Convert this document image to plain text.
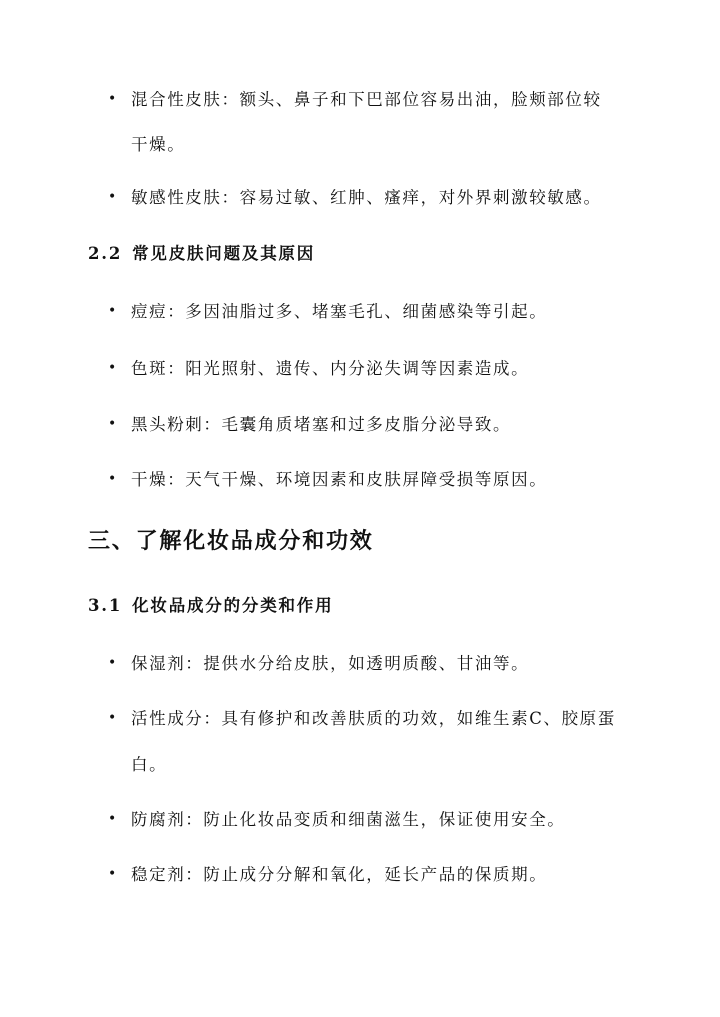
• 混合性皮肤：额头、鼻子和下巴部位容易出油，脸颊部位较
干燥。
• 敏感性皮肤：容易过敏、红肿、瘙痒，对外界刺激较敏感。
2.2 常见皮肤问题及其原因
• 痘痘：多因油脂过多、堵塞毛孔、细菌感染等引起。
• 色斑：阳光照射、遗传、内分泌失调等因素造成。
• 黑头粉刺：毛囊角质堵塞和过多皮脂分泌导致。
• 干燥：天气干燥、环境因素和皮肤屏障受损等原因。
三、了解化妆品成分和功效
3.1 化妆品成分的分类和作用
• 保湿剂：提供水分给皮肤，如透明质酸、甘油等。
• 活性成分：具有修护和改善肤质的功效，如维生素C、胶原蛋
白。
• 防腐剂：防止化妆品变质和细菌滋生，保证使用安全。
• 稳定剂：防止成分分解和氧化，延长产品的保质期。
